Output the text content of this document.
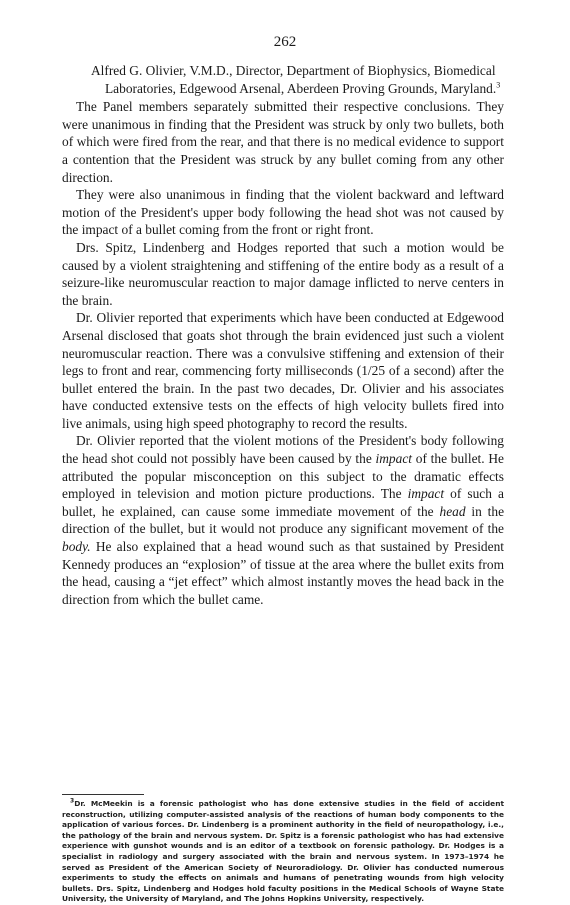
262

Alfred G. Olivier, V.M.D., Director, Department of Biophysics, Biomedical Laboratories, Edgewood Arsenal, Aberdeen Proving Grounds, Maryland.$^3$

The Panel members separately submitted their respective conclusions. They were unanimous in finding that the President was struck by only two bullets, both of which were fired from the rear, and that there is no medical evidence to support a contention that the President was struck by any bullet coming from any other direction.

They were also unanimous in finding that the violent backward and leftward motion of the President's upper body following the head shot was not caused by the impact of a bullet coming from the front or right front.

Drs. Spitz, Lindenberg and Hodges reported that such a motion would be caused by a violent straightening and stiffening of the entire body as a result of a seizure-like neuromuscular reaction to major damage inflicted to nerve centers in the brain.

Dr. Olivier reported that experiments which have been conducted at Edgewood Arsenal disclosed that goats shot through the brain evidenced just such a violent neuromuscular reaction. There was a convulsive stiffening and extension of their legs to front and rear, commencing forty milliseconds (1/25 of a second) after the bullet entered the brain. In the past two decades, Dr. Olivier and his associates have conducted extensive tests on the effects of high velocity bullets fired into live animals, using high speed photography to record the results.

Dr. Olivier reported that the violent motions of the President's body following the head shot could not possibly have been caused by the impact of the bullet. He attributed the popular misconception on this subject to the dramatic effects employed in television and motion picture productions. The impact of such a bullet, he explained, can cause some immediate movement of the head in the direction of the bullet, but it would not produce any significant movement of the body. He also explained that a head wound such as that sustained by President Kennedy produces an “explosion” of tissue at the area where the bullet exits from the head, causing a “jet effect” which almost instantly moves the head back in the direction from which the bullet came.

$^3$Dr. McMeekin is a forensic pathologist who has done extensive studies in the field of accident reconstruction, utilizing computer-assisted analysis of the reactions of human body components to the application of various forces. Dr. Lindenberg is a prominent authority in the field of neuropathology, i.e., the pathology of the brain and nervous system. Dr. Spitz is a forensic pathologist who has had extensive experience with gunshot wounds and is an editor of a textbook on forensic pathology. Dr. Hodges is a specialist in radiology and surgery associated with the brain and nervous system. In 1973–1974 he served as President of the American Society of Neuroradiology. Dr. Olivier has conducted numerous experiments to study the effects on animals and humans of penetrating wounds from high velocity bullets. Drs. Spitz, Lindenberg and Hodges hold faculty positions in the Medical Schools of Wayne State University, the University of Maryland, and The Johns Hopkins University, respectively.
